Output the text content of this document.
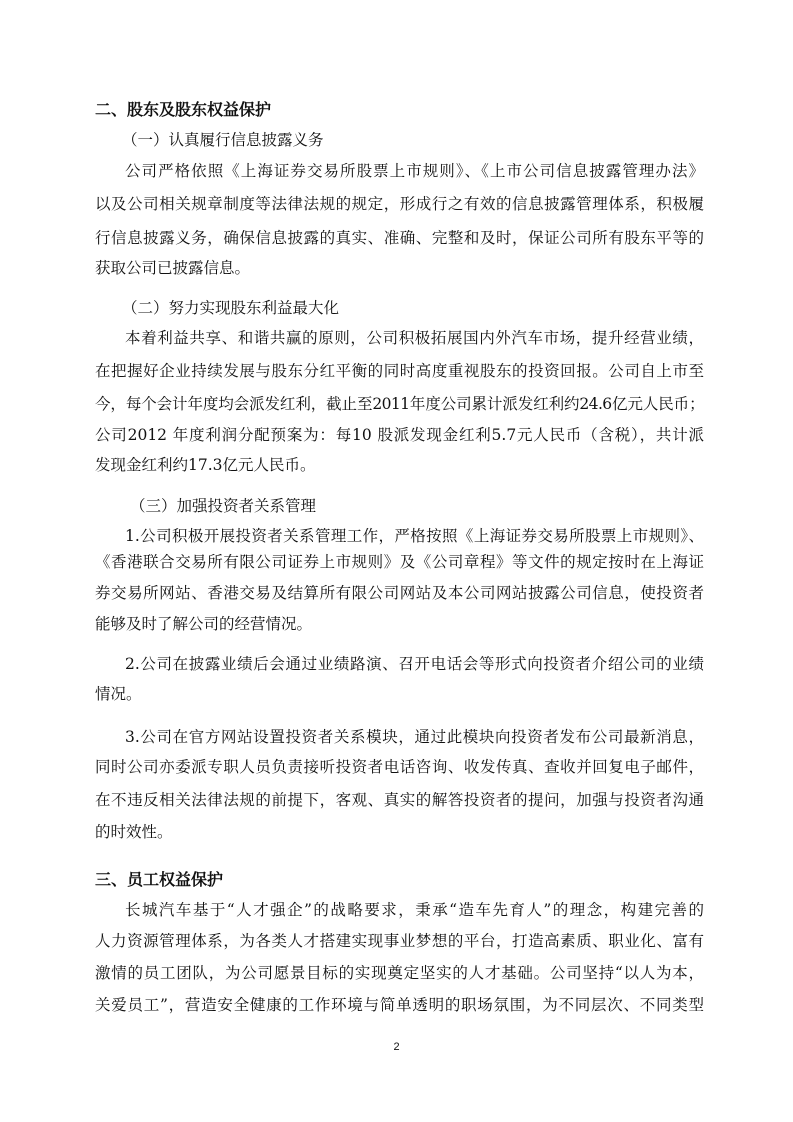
二、股东及股东权益保护
（一）认真履行信息披露义务
公司严格依照《上海证券交易所股票上市规则》、《上市公司信息披露管理办法》
以及公司相关规章制度等法律法规的规定，形成行之有效的信息披露管理体系，积极履
行信息披露义务，确保信息披露的真实、准确、完整和及时，保证公司所有股东平等的
获取公司已披露信息。
（二）努力实现股东利益最大化
本着利益共享、和谐共赢的原则，公司积极拓展国内外汽车市场，提升经营业绩，
在把握好企业持续发展与股东分红平衡的同时高度重视股东的投资回报。公司自上市至
今，每个会计年度均会派发红利，截止至2011年度公司累计派发红利约24.6亿元人民币；
公司2012 年度利润分配预案为：每10 股派发现金红利5.7元人民币（含税），共计派
发现金红利约17.3亿元人民币。
（三）加强投资者关系管理
1.公司积极开展投资者关系管理工作，严格按照《上海证券交易所股票上市规则》、
《香港联合交易所有限公司证券上市规则》及《公司章程》等文件的规定按时在上海证
券交易所网站、香港交易及结算所有限公司网站及本公司网站披露公司信息，使投资者
能够及时了解公司的经营情况。
2.公司在披露业绩后会通过业绩路演、召开电话会等形式向投资者介绍公司的业绩
情况。
3.公司在官方网站设置投资者关系模块，通过此模块向投资者发布公司最新消息，
同时公司亦委派专职人员负责接听投资者电话咨询、收发传真、查收并回复电子邮件，
在不违反相关法律法规的前提下，客观、真实的解答投资者的提问，加强与投资者沟通
的时效性。
三、员工权益保护
长城汽车基于“人才强企”的战略要求，秉承“造车先育人”的理念，构建完善的
人力资源管理体系，为各类人才搭建实现事业梦想的平台，打造高素质、职业化、富有
激情的员工团队，为公司愿景目标的实现奠定坚实的人才基础。公司坚持“以人为本，
关爱员工”，营造安全健康的工作环境与简单透明的职场氛围，为不同层次、不同类型
2
